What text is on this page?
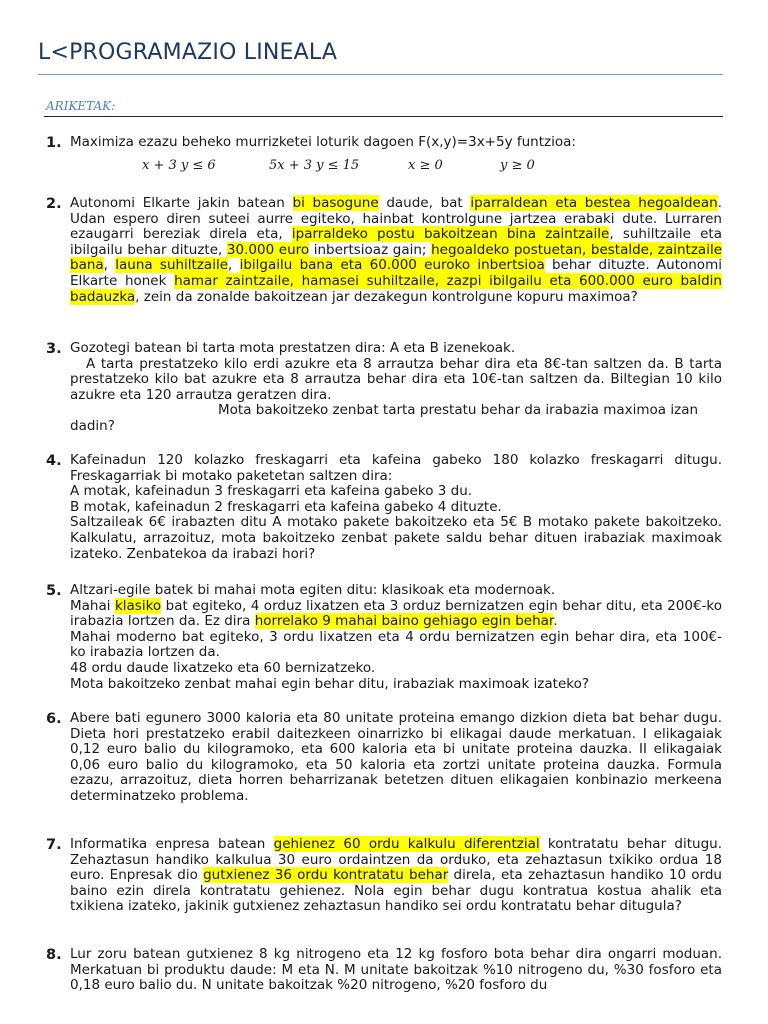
L<PROGRAMAZIO LINEALA
ARIKETAK:
1. Maximiza ezazu beheko murrizketei loturik dagoen F(x,y)=3x+5y funtzioa:
x + 3 y ≤ 6	5x + 3 y ≤ 15	x ≥ 0	y ≥ 0
2. Autonomi Elkarte jakin batean bi basogune daude, bat iparraldean eta bestea hegoaldean. Udan espero diren suteei aurre egiteko, hainbat kontrolgune jartzea erabaki dute. Lurraren ezaugarri bereziak direla eta, iparraldeko postu bakoitzean bina zaintzaile, suhiltzaile eta ibilgailu behar dituzte, 30.000 euro inbertsioaz gain; hegoaldeko postuetan, bestalde, zaintzaile bana, launa suhiltzaile, ibilgailu bana eta 60.000 euroko inbertsioa behar dituzte. Autonomi Elkarte honek hamar zaintzaile, hamasei suhiltzaile, zazpi ibilgailu eta 600.000 euro baldin badauzka, zein da zonalde bakoitzean jar dezakegun kontrolgune kopuru maximoa?
3. Gozotegi batean bi tarta mota prestatzen dira: A eta B izenekoak.
A tarta prestatzeko kilo erdi azukre eta 8 arrautza behar dira eta 8€-tan saltzen da. B tarta prestatzeko kilo bat azukre eta 8 arrautza behar dira eta 10€-tan saltzen da. Biltegian 10 kilo azukre eta 120 arrautza geratzen dira.
Mota bakoitzeko zenbat tarta prestatu behar da irabazia maximoa izan
dadin?
4. Kafeinadun 120 kolazko freskagarri eta kafeina gabeko 180 kolazko freskagarri ditugu. Freskagarriak bi motako paketetan saltzen dira:
A motak, kafeinadun 3 freskagarri eta kafeina gabeko 3 du.
B motak, kafeinadun 2 freskagarri eta kafeina gabeko 4 dituzte.
Saltzaileak 6€ irabazten ditu A motako pakete bakoitzeko eta 5€ B motako pakete bakoitzeko. Kalkulatu, arrazoituz, mota bakoitzeko zenbat pakete saldu behar dituen irabaziak maximoak izateko. Zenbatekoa da irabazi hori?
5. Altzari-egile batek bi mahai mota egiten ditu: klasikoak eta modernoak.
Mahai klasiko bat egiteko, 4 orduz lixatzen eta 3 orduz bernizatzen egin behar ditu, eta 200€-ko irabazia lortzen da. Ez dira horrelako 9 mahai baino gehiago egin behar.
Mahai moderno bat egiteko, 3 ordu lixatzen eta 4 ordu bernizatzen egin behar dira, eta 100€- ko irabazia lortzen da.
48 ordu daude lixatzeko eta 60 bernizatzeko.
Mota bakoitzeko zenbat mahai egin behar ditu, irabaziak maximoak izateko?
6. Abere bati egunero 3000 kaloria eta 80 unitate proteina emango dizkion dieta bat behar dugu. Dieta hori prestatzeko erabil daitezkeen oinarrizko bi elikagai daude merkatuan. I elikagaiak 0,12 euro balio du kilogramoko, eta 600 kaloria eta bi unitate proteina dauzka. II elikagaiak 0,06 euro balio du kilogramoko, eta 50 kaloria eta zortzi unitate proteina dauzka. Formula ezazu, arrazoituz, dieta horren beharrizanak betetzen dituen elikagaien konbinazio merkeena determinatzeko problema.
7. Informatika enpresa batean gehienez 60 ordu kalkulu diferentzial kontratatu behar ditugu. Zehaztasun handiko kalkulua 30 euro ordaintzen da orduko, eta zehaztasun txikiko ordua 18 euro. Enpresak dio gutxienez 36 ordu kontratatu behar direla, eta zehaztasun handiko 10 ordu baino ezin direla kontratatu gehienez. Nola egin behar dugu kontratua kostua ahalik eta txikiena izateko, jakinik gutxienez zehaztasun handiko sei ordu kontratatu behar ditugula?
8. Lur zoru batean gutxienez 8 kg nitrogeno eta 12 kg fosforo bota behar dira ongarri moduan. Merkatuan bi produktu daude: M eta N. M unitate bakoitzak %10 nitrogeno du, %30 fosforo eta 0,18 euro balio du. N unitate bakoitzak %20 nitrogeno, %20 fosforo du
